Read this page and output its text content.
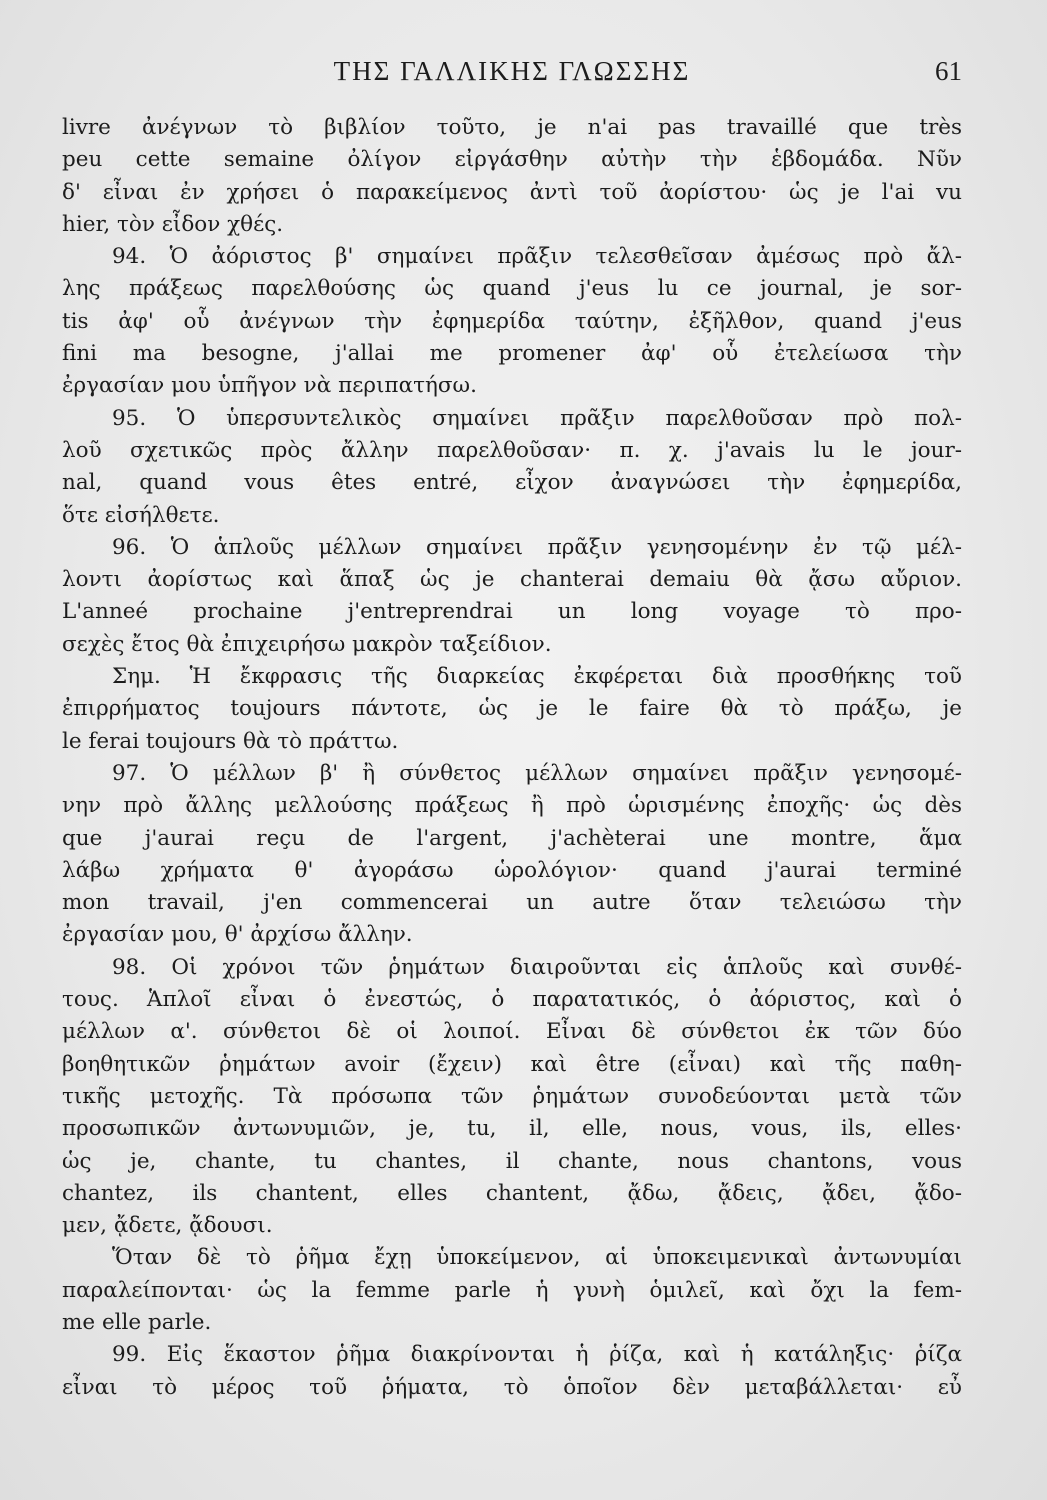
ΤΗΣ ΓΑΛΛΙΚΗΣ ΓΛΩΣΣΗΣ	61
livre ἀνέγνων τὸ βιβλίον τοῦτο, je n'ai pas travaillé que très
peu cette semaine ὀλίγον εἰργάσθην αὐτὴν τὴν ἑβδομάδα. Νῦν
δ' εἶναι ἐν χρήσει ὁ παρακείμενος ἀντὶ τοῦ ἀορίστου· ὡς je l'ai vu
hier, τὸν εἶδον χθές.
94. Ὁ ἀόριστος β' σημαίνει πρᾶξιν τελεσθεῖσαν ἀμέσως πρὸ ἄλ-
λης πράξεως παρελθούσης ὡς quand j'eus lu ce journal, je sor-
tis ἀφ' οὗ ἀνέγνων τὴν ἐφημερίδα ταύτην, ἐξῆλθον, quand j'eus
fini ma besogne, j'allai me promener ἀφ' οὗ ἐτελείωσα τὴν
ἐργασίαν μου ὑπῆγον νὰ περιπατήσω.
95. Ὁ ὑπερσυντελικὸς σημαίνει πρᾶξιν παρελθοῦσαν πρὸ πολ-
λοῦ σχετικῶς πρὸς ἄλλην παρελθοῦσαν· π. χ. j'avais lu le jour-
nal, quand vous êtes entré, εἶχον ἀναγνώσει τὴν ἐφημερίδα,
ὅτε εἰσήλθετε.
96. Ὁ ἁπλοῦς μέλλων σημαίνει πρᾶξιν γενησομένην ἐν τῷ μέλ-
λοντι ἀορίστως καὶ ἅπαξ ὡς je chanterai demaiu θὰ ᾄσω αὔριον.
L'anneé prochaine j'entreprendrai un long voyage τὸ προ-
σεχὲς ἔτος θὰ ἐπιχειρήσω μακρὸν ταξείδιον.
Σημ. Ἡ ἔκφρασις τῆς διαρκείας ἐκφέρεται διὰ προσθήκης τοῦ
ἐπιρρήματος toujours πάντοτε, ὡς je le faire θὰ τὸ πράξω, je
le ferai toujours θὰ τὸ πράττω.
97. Ὁ μέλλων β' ἢ σύνθετος μέλλων σημαίνει πρᾶξιν γενησομέ-
νην πρὸ ἄλλης μελλούσης πράξεως ἢ πρὸ ὡρισμένης ἐποχῆς· ὡς dès
que j'aurai reçu de l'argent, j'achèterai une montre, ἅμα
λάβω χρήματα θ' ἀγοράσω ὡρολόγιον· quand j'aurai terminé
mon travail, j'en commencerai un autre ὅταν τελειώσω τὴν
ἐργασίαν μου, θ' ἀρχίσω ἄλλην.
98. Οἱ χρόνοι τῶν ῥημάτων διαιροῦνται εἰς ἁπλοῦς καὶ συνθέ-
τους. Ἁπλοῖ εἶναι ὁ ἐνεστώς, ὁ παρατατικός, ὁ ἀόριστος, καὶ ὁ
μέλλων α'. σύνθετοι δὲ οἱ λοιποί. Εἶναι δὲ σύνθετοι ἐκ τῶν δύο
βοηθητικῶν ῥημάτων avoir (ἔχειν) καὶ être (εἶναι) καὶ τῆς παθη-
τικῆς μετοχῆς. Τὰ πρόσωπα τῶν ῥημάτων συνοδεύονται μετὰ τῶν
προσωπικῶν ἀντωνυμιῶν, je, tu, il, elle, nous, vous, ils, elles·
ὡς je, chante, tu chantes, il chante, nous chantons, vous
chantez, ils chantent, elles chantent, ᾄδω, ᾄδεις, ᾄδει, ᾄδο-
μεν, ᾄδετε, ᾄδουσι.
Ὅταν δὲ τὸ ῥῆμα ἔχῃ ὑποκείμενον, αἱ ὑποκειμενικαὶ ἀντωνυμίαι
παραλείπονται· ὡς la femme parle ἡ γυνὴ ὁμιλεῖ, καὶ ὄχι la fem-
me elle parle.
99. Εἰς ἕκαστον ῥῆμα διακρίνονται ἡ ῥίζα, καὶ ἡ κατάληξις· ῥίζα
εἶναι τὸ μέρος τοῦ ῥήματα, τὸ ὁποῖον δὲν μεταβάλλεται· εὖ
